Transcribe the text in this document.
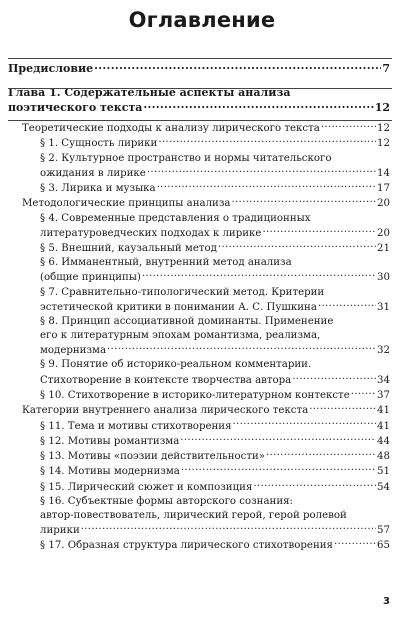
Оглавление
Предисловие .....	7
Глава 1. Содержательные аспекты анализа
поэтического текста .....	12
Теоретические подходы к анализу лирического текста .....	12
§ 1. Сущность лирики .....	12
§ 2. Культурное пространство и нормы читательского
ожидания в лирике .....	14
§ 3. Лирика и музыка .....	17
Методологические принципы анализа .....	20
§ 4. Современные представления о традиционных
литературоведческих подходах к лирике .....	20
§ 5. Внешний, каузальный метод .....	21
§ 6. Имманентный, внутренний метод анализа
(общие принципы) .....	30
§ 7. Сравнительно-типологический метод. Критерии
эстетической критики в понимании А. С. Пушкина .....	31
§ 8. Принцип ассоциативной доминанты. Применение
его к литературным эпохам романтизма, реализма,
модернизма .....	32
§ 9. Понятие об историко-реальном комментарии.
Стихотворение в контексте творчества автора .....	34
§ 10. Стихотворение в историко-литературном контексте .....	37
Категории внутреннего анализа лирического текста .....	41
§ 11. Тема и мотивы стихотворения .....	41
§ 12. Мотивы романтизма .....	44
§ 13. Мотивы «поэзии действительности» .....	48
§ 14. Мотивы модернизма .....	51
§ 15. Лирический сюжет и композиция .....	54
§ 16. Субъектные формы авторского сознания:
автор-повествователь, лирический герой, герой ролевой
лирики .....	57
§ 17. Образная структура лирического стихотворения .....	65
3
